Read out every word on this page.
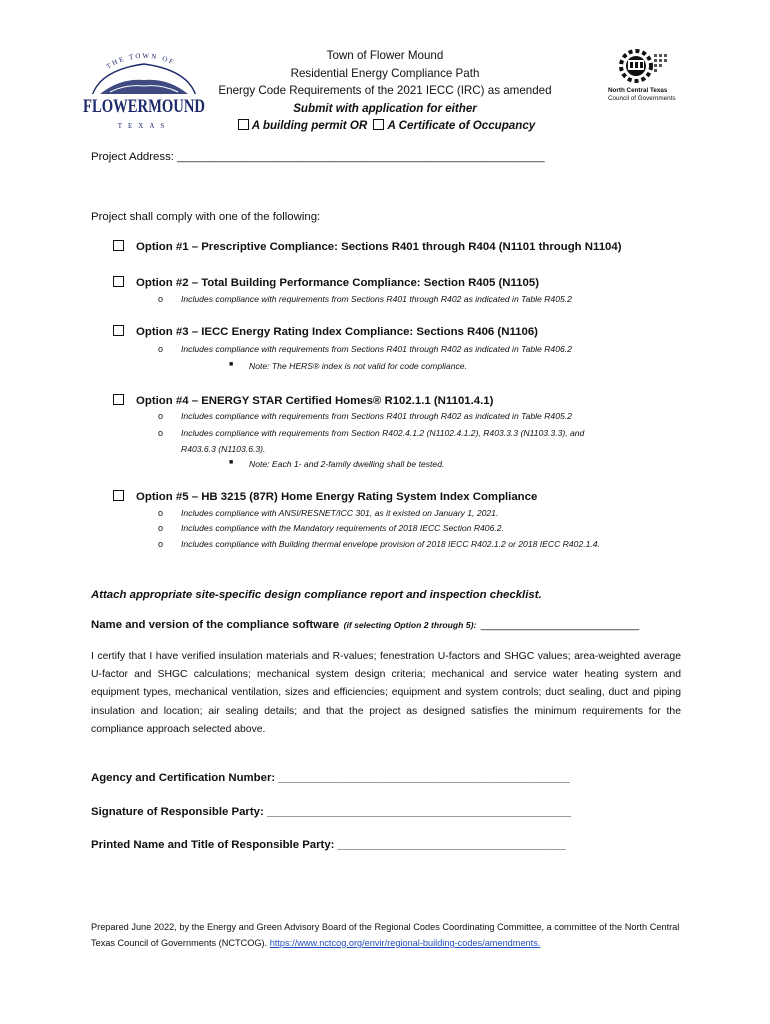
THE TOWN OF
FLOWERMOUND
TEXAS
North Central Texas
Council of Governments
Town of Flower Mound
Residential Energy Compliance Path
Energy Code Requirements of the 2021 IECC (IRC) as amended
Submit with application for either
A building permit OR A Certificate of Occupancy
Project Address: __________________________________________________________
Project shall comply with one of the following:
Option #1 – Prescriptive Compliance: Sections R401 through R404 (N1101 through N1104)
Option #2 – Total Building Performance Compliance: Section R405 (N1105)
o Includes compliance with requirements from Sections R401 through R402 as indicated in Table R405.2
Option #3 – IECC Energy Rating Index Compliance: Sections R406 (N1106)
o Includes compliance with requirements from Sections R401 through R402 as indicated in Table R406.2
■ Note: The HERS® index is not valid for code compliance.
Option #4 – ENERGY STAR Certified Homes® R102.1.1 (N1101.4.1)
o Includes compliance with requirements from Sections R401 through R402 as indicated in Table R405.2
o Includes compliance with requirements from Section R402.4.1.2 (N1102.4.1.2), R403.3.3 (N1103.3.3), and
R403.6.3 (N1103.6.3).
■ Note: Each 1- and 2-family dwelling shall be tested.
Option #5 – HB 3215 (87R) Home Energy Rating System Index Compliance
o Includes compliance with ANSI/RESNET/ICC 301, as it existed on January 1, 2021.
o Includes compliance with the Mandatory requirements of 2018 IECC Section R406.2.
o Includes compliance with Building thermal envelope provision of 2018 IECC R402.1.2 or 2018 IECC R402.1.4.
Attach appropriate site-specific design compliance report and inspection checklist.
Name and version of the compliance software (if selecting Option 2 through 5): _________________________
I certify that I have verified insulation materials and R-values; fenestration U-factors and SHGC values; area-weighted average U-factor and SHGC calculations; mechanical system design criteria; mechanical and service water heating system and equipment types, mechanical ventilation, sizes and efficiencies; equipment and system controls; duct sealing, duct and piping insulation and location; air sealing details; and that the project as designed satisfies the minimum requirements for the compliance approach selected above.
Agency and Certification Number: ______________________________________________
Signature of Responsible Party: ________________________________________________
Printed Name and Title of Responsible Party: ____________________________________
Prepared June 2022, by the Energy and Green Advisory Board of the Regional Codes Coordinating Committee, a committee of the North Central Texas Council of Governments (NCTCOG). https://www.nctcog.org/envir/regional-building-codes/amendments.
